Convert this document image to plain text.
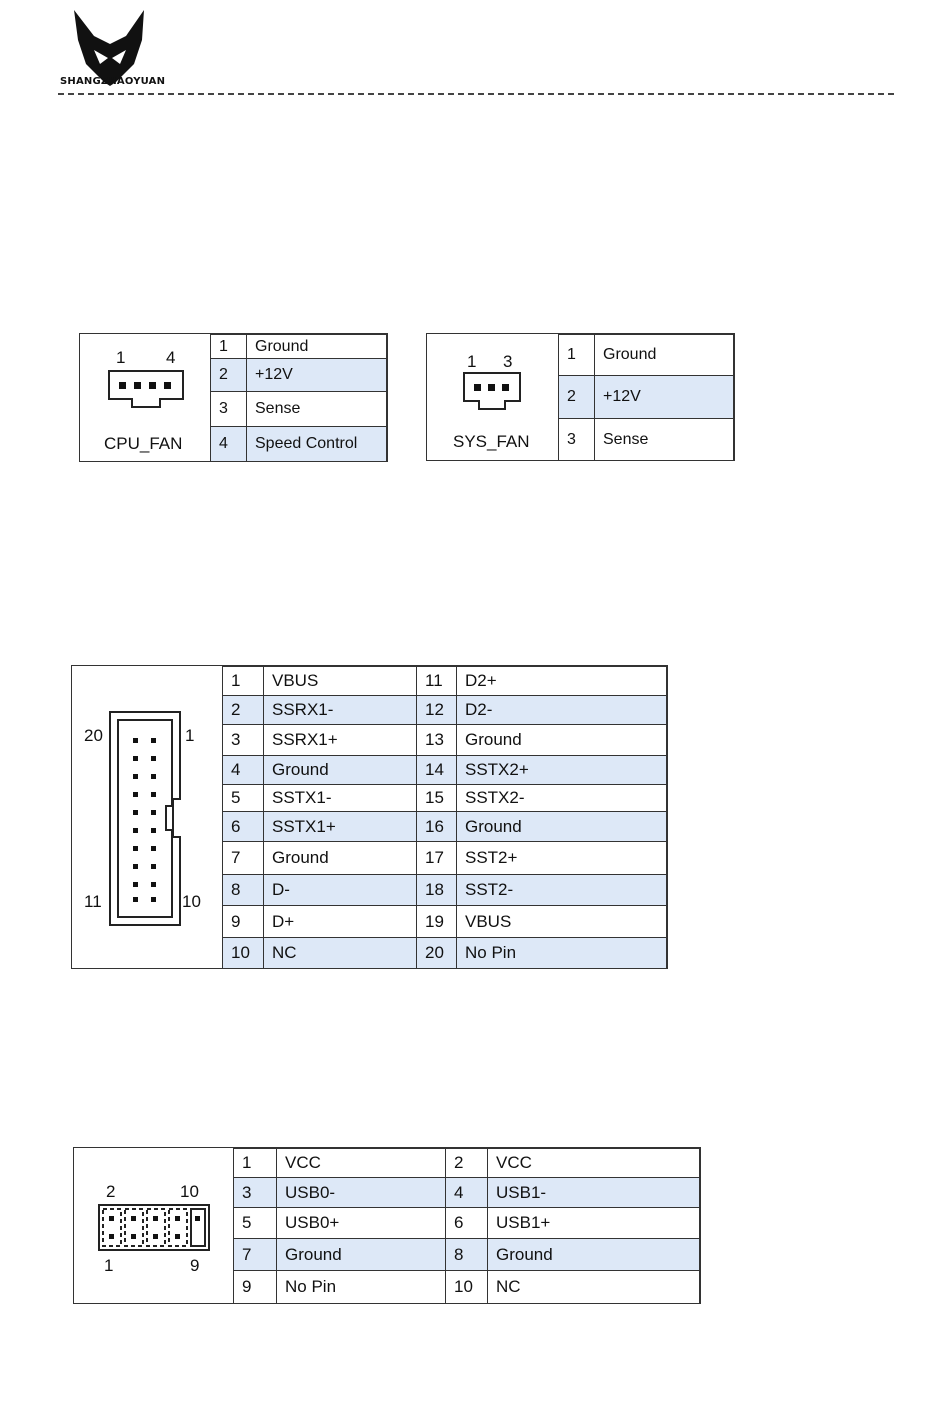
SHANGZHAOYUAN
1 4
CPU_FAN
1	Ground
2	+12V
3	Sense
4	Speed Control
1 3
SYS_FAN
1	Ground
2	+12V
3	Sense
20	1
11	10
1	VBUS	11	D2+
2	SSRX1-	12	D2-
3	SSRX1+	13	Ground
4	Ground	14	SSTX2+
5	SSTX1-	15	SSTX2-
6	SSTX1+	16	Ground
7	Ground	17	SST2+
8	D-	18	SST2-
9	D+	19	VBUS
10	NC	20	No Pin
2	10
1	9
1	VCC	2	VCC
3	USB0-	4	USB1-
5	USB0+	6	USB1+
7	Ground	8	Ground
9	No Pin	10	NC
